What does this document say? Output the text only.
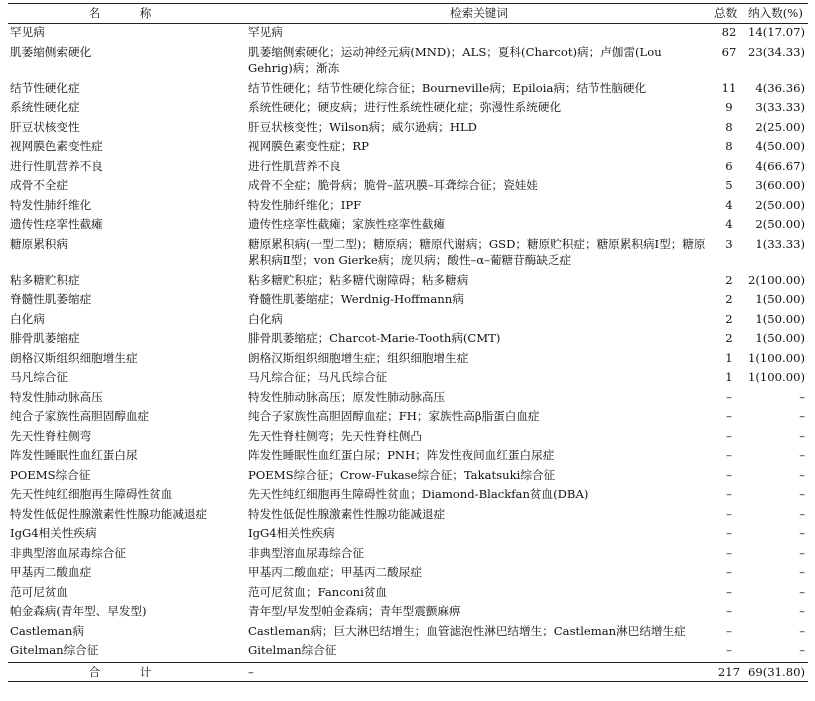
名　称	检索关键词	总数	纳入数(%)
罕见病	罕见病	82	14(17.07)
肌萎缩侧索硬化	肌萎缩侧索硬化；运动神经元病(MND)；ALS；夏科(Charcot)病；卢伽雷(Lou Gehrig)病；渐冻	67	23(34.33)
结节性硬化症	结节性硬化；结节性硬化综合征；Bourneville病；Epiloia病；结节性脑硬化	11	4(36.36)
系统性硬化症	系统性硬化；硬皮病；进行性系统性硬化症；弥漫性系统硬化	9	3(33.33)
肝豆状核变性	肝豆状核变性；Wilson病；威尔逊病；HLD	8	2(25.00)
视网膜色素变性症	视网膜色素变性症；RP	8	4(50.00)
进行性肌营养不良	进行性肌营养不良	6	4(66.67)
成骨不全症	成骨不全症；脆骨病；脆骨–蓝巩膜–耳聋综合征；瓷娃娃	5	3(60.00)
特发性肺纤维化	特发性肺纤维化；IPF	4	2(50.00)
遗传性痉挛性截瘫	遗传性痉挛性截瘫；家族性痉挛性截瘫	4	2(50.00)
糖原累积病	糖原累积病(一型二型)；糖原病；糖原代谢病；GSD；糖原贮积症；糖原累积病Ⅰ型；糖原累积病Ⅱ型；von Gierke病；庞贝病；酸性–α–葡糖苷酶缺乏症	3	1(33.33)
粘多糖贮积症	粘多糖贮积症；粘多糖代谢障碍；粘多糖病	2	2(100.00)
脊髓性肌萎缩症	脊髓性肌萎缩症；Werdnig-Hoffmann病	2	1(50.00)
白化病	白化病	2	1(50.00)
腓骨肌萎缩症	腓骨肌萎缩症；Charcot-Marie-Tooth病(CMT)	2	1(50.00)
朗格汉斯组织细胞增生症	朗格汉斯组织细胞增生症；组织细胞增生症	1	1(100.00)
马凡综合征	马凡综合征；马凡氏综合征	1	1(100.00)
特发性肺动脉高压	特发性肺动脉高压；原发性肺动脉高压	–	–
纯合子家族性高胆固醇血症	纯合子家族性高胆固醇血症；FH；家族性高β脂蛋白血症	–	–
先天性脊柱侧弯	先天性脊柱侧弯；先天性脊柱侧凸	–	–
阵发性睡眠性血红蛋白尿	阵发性睡眠性血红蛋白尿；PNH；阵发性夜间血红蛋白尿症	–	–
POEMS综合征	POEMS综合征；Crow-Fukase综合征；Takatsuki综合征	–	–
先天性纯红细胞再生障碍性贫血	先天性纯红细胞再生障碍性贫血；Diamond-Blackfan贫血(DBA)	–	–
特发性低促性腺激素性性腺功能减退症	特发性低促性腺激素性性腺功能减退症	–	–
IgG4相关性疾病	IgG4相关性疾病	–	–
非典型溶血尿毒综合征	非典型溶血尿毒综合征	–	–
甲基丙二酸血症	甲基丙二酸血症；甲基丙二酸尿症	–	–
范可尼贫血	范可尼贫血；Fanconi贫血	–	–
帕金森病(青年型、早发型)	青年型/早发型帕金森病；青年型震颤麻痹	–	–
Castleman病	Castleman病；巨大淋巴结增生；血管滤泡性淋巴结增生；Castleman淋巴结增生症	–	–
Gitelman综合征	Gitelman综合征	–	–
合　计	–	217	69(31.80)
